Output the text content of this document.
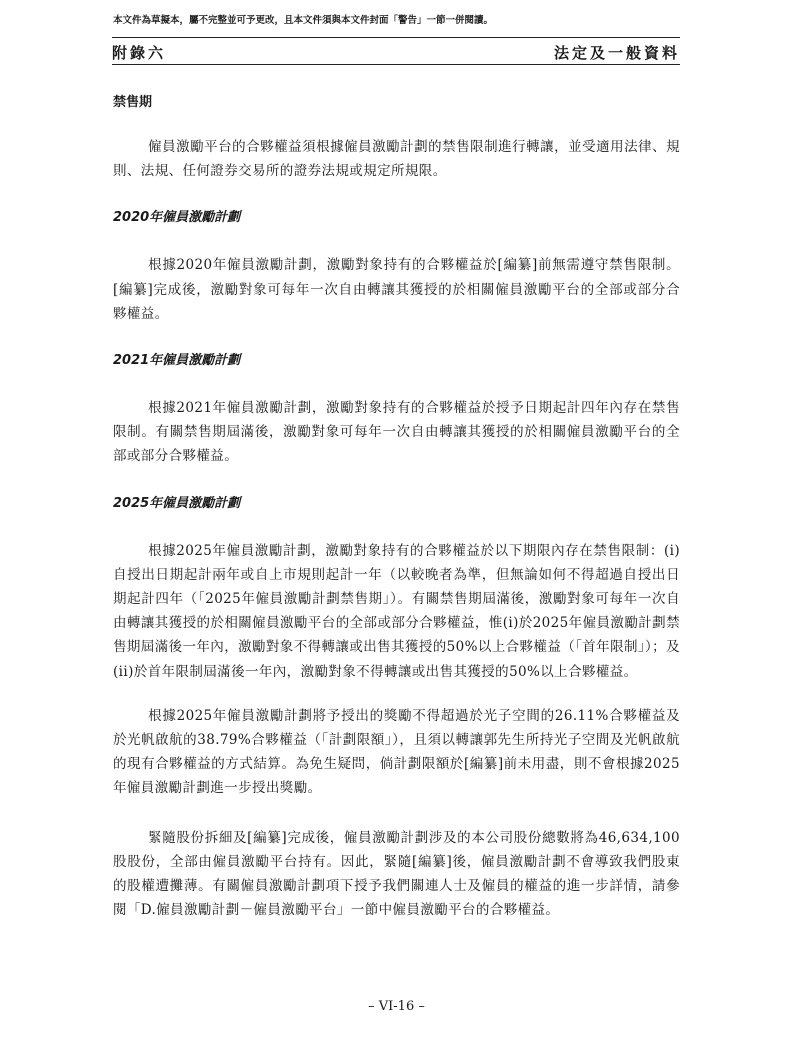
本文件為草擬本，屬不完整並可予更改，且本文件須與本文件封面「警告」一節一併閱讀。
附錄六	法定及一般資料

禁售期

僱員激勵平台的合夥權益須根據僱員激勵計劃的禁售限制進行轉讓，並受適用法律、規則、法規、任何證券交易所的證券法規或規定所規限。

2020年僱員激勵計劃

根據2020年僱員激勵計劃，激勵對象持有的合夥權益於[編纂]前無需遵守禁售限制。[編纂]完成後，激勵對象可每年一次自由轉讓其獲授的於相關僱員激勵平台的全部或部分合夥權益。

2021年僱員激勵計劃

根據2021年僱員激勵計劃，激勵對象持有的合夥權益於授予日期起計四年內存在禁售限制。有關禁售期屆滿後，激勵對象可每年一次自由轉讓其獲授的於相關僱員激勵平台的全部或部分合夥權益。

2025年僱員激勵計劃

根據2025年僱員激勵計劃，激勵對象持有的合夥權益於以下期限內存在禁售限制：(i)自授出日期起計兩年或自上市規則起計一年（以較晚者為準，但無論如何不得超過自授出日期起計四年（「2025年僱員激勵計劃禁售期」）。有關禁售期屆滿後，激勵對象可每年一次自由轉讓其獲授的於相關僱員激勵平台的全部或部分合夥權益，惟(i)於2025年僱員激勵計劃禁售期屆滿後一年內，激勵對象不得轉讓或出售其獲授的50%以上合夥權益（「首年限制」）；及(ii)於首年限制屆滿後一年內，激勵對象不得轉讓或出售其獲授的50%以上合夥權益。

根據2025年僱員激勵計劃將予授出的獎勵不得超過於光子空間的26.11%合夥權益及於光帆啟航的38.79%合夥權益（「計劃限額」），且須以轉讓郭先生所持光子空間及光帆啟航的現有合夥權益的方式結算。為免生疑問，倘計劃限額於[編纂]前未用盡，則不會根據2025年僱員激勵計劃進一步授出獎勵。

緊隨股份拆細及[編纂]完成後，僱員激勵計劃涉及的本公司股份總數將為46,634,100股股份，全部由僱員激勵平台持有。因此，緊隨[編纂]後，僱員激勵計劃不會導致我們股東的股權遭攤薄。有關僱員激勵計劃項下授予我們關連人士及僱員的權益的進一步詳情，請參閱「D.僱員激勵計劃－僱員激勵平台」一節中僱員激勵平台的合夥權益。

– VI-16 –
